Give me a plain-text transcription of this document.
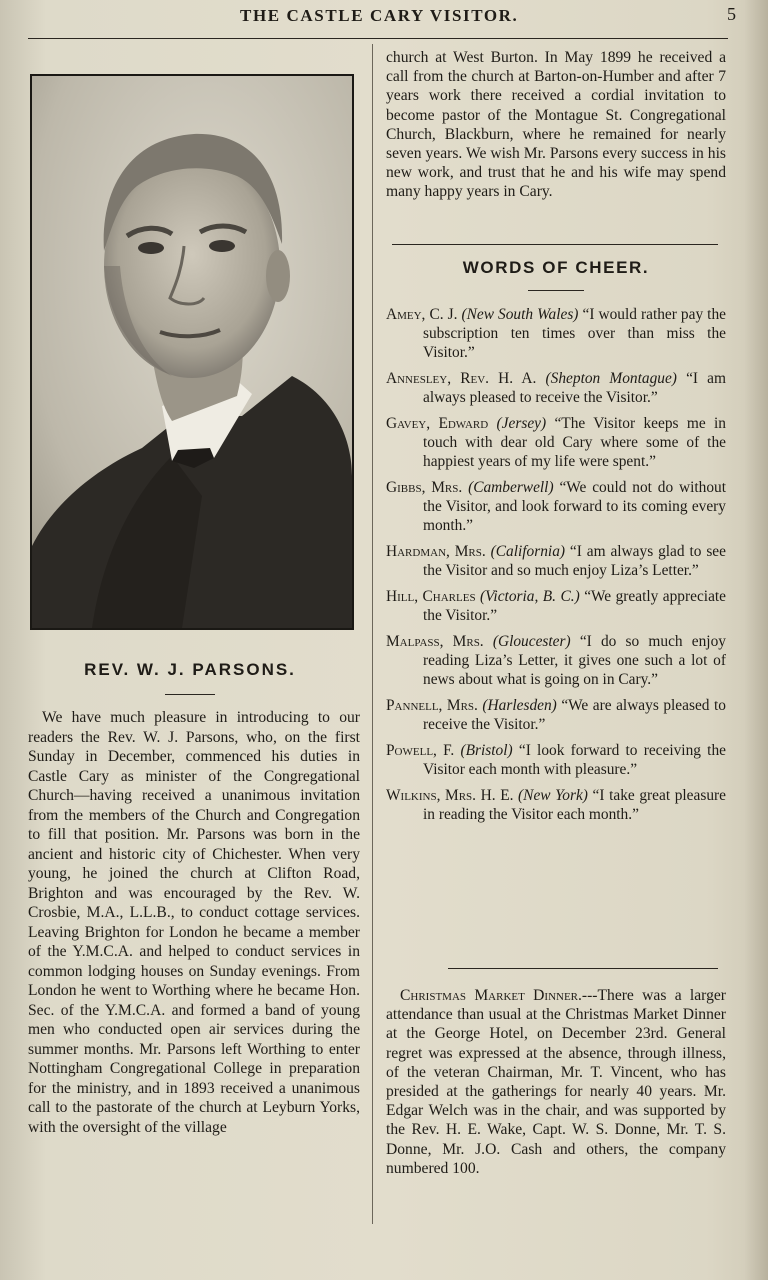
THE CASTLE CARY VISITOR.	5
REV. W. J. PARSONS.

We have much pleasure in introducing to our readers the Rev. W. J. Parsons, who, on the first Sunday in December, commenced his duties in Castle Cary as minister of the Congregational Church—having received a unanimous invitation from the members of the Church and Congregation to fill that position. Mr. Parsons was born in the ancient and historic city of Chichester. When very young, he joined the church at Clifton Road, Brighton and was encouraged by the Rev. W. Crosbie, M.A., L.L.B., to conduct cottage services. Leaving Brighton for London he became a member of the Y.M.C.A. and helped to conduct services in common lodging houses on Sunday evenings. From London he went to Worthing where he became Hon. Sec. of the Y.M.C.A. and formed a band of young men who conducted open air services during the summer months. Mr. Parsons left Worthing to enter Nottingham Congregational College in preparation for the ministry, and in 1893 received a unanimous call to the pastorate of the church at Leyburn Yorks, with the oversight of the village

church at West Burton. In May 1899 he received a call from the church at Barton-on-Humber and after 7 years work there received a cordial invitation to become pastor of the Montague St. Congregational Church, Blackburn, where he remained for nearly seven years. We wish Mr. Parsons every success in his new work, and trust that he and his wife may spend many happy years in Cary.

WORDS OF CHEER.
Amey, C. J. (New South Wales) “I would rather pay the subscription ten times over than miss the Visitor.”
Annesley, Rev. H. A. (Shepton Montague) “I am always pleased to receive the Visitor.”
Gavey, Edward (Jersey) “The Visitor keeps me in touch with dear old Cary where some of the happiest years of my life were spent.”
Gibbs, Mrs. (Camberwell) “We could not do without the Visitor, and look forward to its coming every month.”
Hardman, Mrs. (California) “I am always glad to see the Visitor and so much enjoy Liza’s Letter.”
Hill, Charles (Victoria, B. C.) “We greatly appreciate the Visitor.”
Malpass, Mrs. (Gloucester) “I do so much enjoy reading Liza’s Letter, it gives one such a lot of news about what is going on in Cary.”
Pannell, Mrs. (Harlesden) “We are always pleased to receive the Visitor.”
Powell, F. (Bristol) “I look forward to receiving the Visitor each month with pleasure.”
Wilkins, Mrs. H. E. (New York) “I take great pleasure in reading the Visitor each month.”

Christmas Market Dinner.---There was a larger attendance than usual at the Christmas Market Dinner at the George Hotel, on December 23rd. General regret was expressed at the absence, through illness, of the veteran Chairman, Mr. T. Vincent, who has presided at the gatherings for nearly 40 years. Mr. Edgar Welch was in the chair, and was supported by the Rev. H. E. Wake, Capt. W. S. Donne, Mr. T. S. Donne, Mr. J.O. Cash and others, the company numbered 100.
